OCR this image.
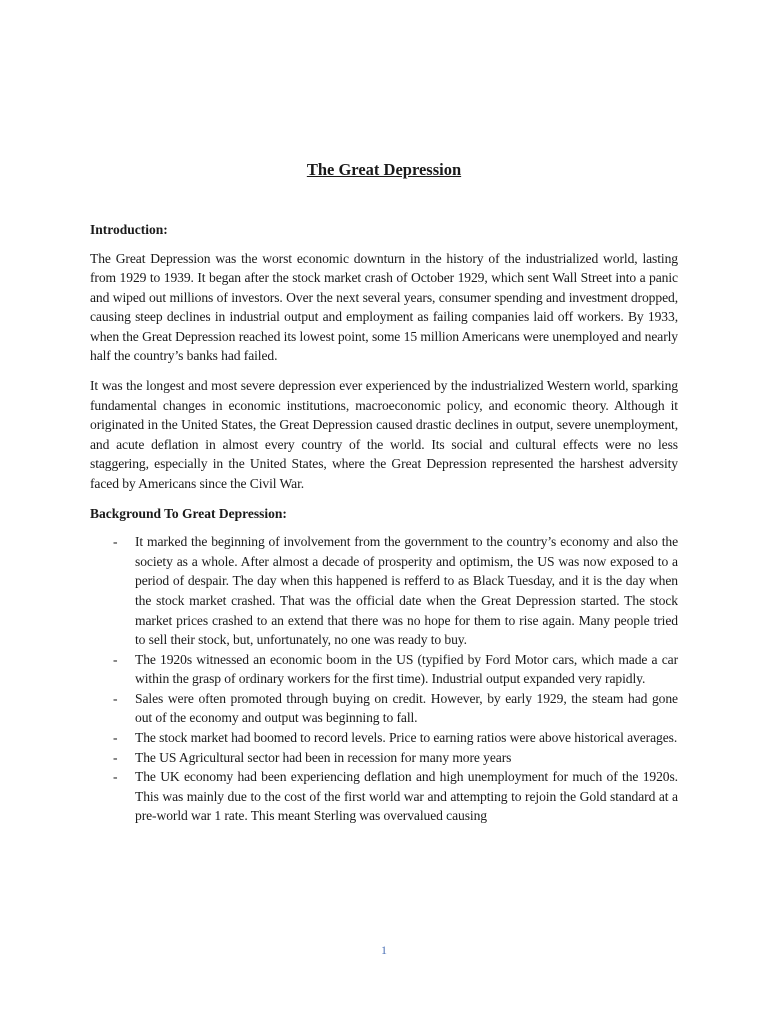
The Great Depression

Introduction:

The Great Depression was the worst economic downturn in the history of the industrialized world, lasting from 1929 to 1939. It began after the stock market crash of October 1929, which sent Wall Street into a panic and wiped out millions of investors. Over the next several years, consumer spending and investment dropped, causing steep declines in industrial output and employment as failing companies laid off workers. By 1933, when the Great Depression reached its lowest point, some 15 million Americans were unemployed and nearly half the country’s banks had failed.

It was the longest and most severe depression ever experienced by the industrialized Western world, sparking fundamental changes in economic institutions, macroeconomic policy, and economic theory. Although it originated in the United States, the Great Depression caused drastic declines in output, severe unemployment, and acute deflation in almost every country of the world. Its social and cultural effects were no less staggering, especially in the United States, where the Great Depression represented the harshest adversity faced by Americans since the Civil War.

Background To Great Depression:

- It marked the beginning of involvement from the government to the country’s economy and also the society as a whole. After almost a decade of prosperity and optimism, the US was now exposed to a period of despair. The day when this happened is refferd to as Black Tuesday, and it is the day when the stock market crashed. That was the official date when the Great Depression started. The stock market prices crashed to an extend that there was no hope for them to rise again. Many people tried to sell their stock, but, unfortunately, no one was ready to buy.
- The 1920s witnessed an economic boom in the US (typified by Ford Motor cars, which made a car within the grasp of ordinary workers for the first time). Industrial output expanded very rapidly.
- Sales were often promoted through buying on credit. However, by early 1929, the steam had gone out of the economy and output was beginning to fall.
- The stock market had boomed to record levels. Price to earning ratios were above historical averages.
- The US Agricultural sector had been in recession for many more years
- The UK economy had been experiencing deflation and high unemployment for much of the 1920s. This was mainly due to the cost of the first world war and attempting to rejoin the Gold standard at a pre-world war 1 rate. This meant Sterling was overvalued causing
1
